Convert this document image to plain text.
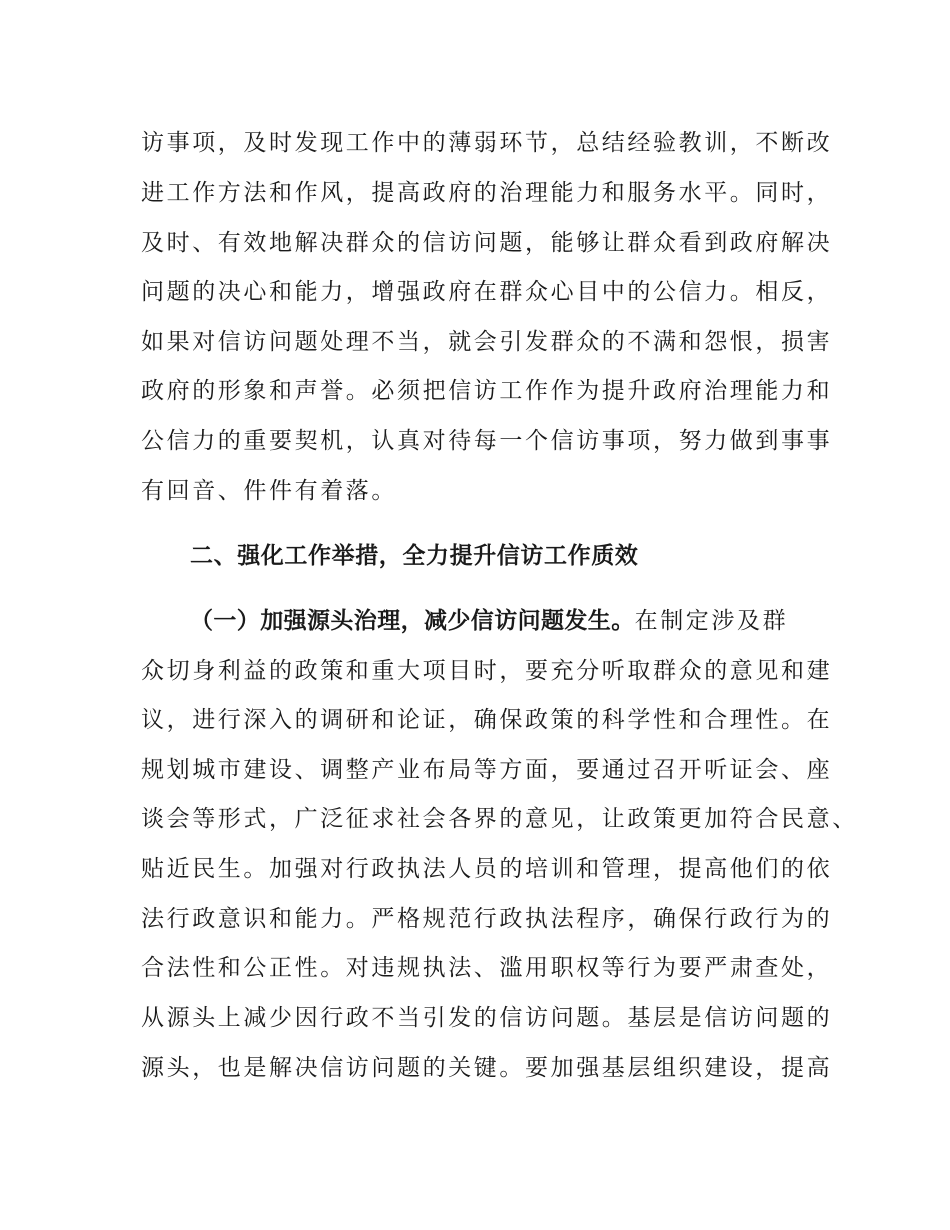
访事项，及时发现工作中的薄弱环节，总结经验教训，不断改
进工作方法和作风，提高政府的治理能力和服务水平。同时，
及时、有效地解决群众的信访问题，能够让群众看到政府解决
问题的决心和能力，增强政府在群众心目中的公信力。相反，
如果对信访问题处理不当，就会引发群众的不满和怨恨，损害
政府的形象和声誉。必须把信访工作作为提升政府治理能力和
公信力的重要契机，认真对待每一个信访事项，努力做到事事
有回音、件件有着落。
二、强化工作举措，全力提升信访工作质效
（一）加强源头治理，减少信访问题发生。在制定涉及群
众切身利益的政策和重大项目时，要充分听取群众的意见和建
议，进行深入的调研和论证，确保政策的科学性和合理性。在
规划城市建设、调整产业布局等方面，要通过召开听证会、座
谈会等形式，广泛征求社会各界的意见，让政策更加符合民意、
贴近民生。加强对行政执法人员的培训和管理，提高他们的依
法行政意识和能力。严格规范行政执法程序，确保行政行为的
合法性和公正性。对违规执法、滥用职权等行为要严肃查处，
从源头上减少因行政不当引发的信访问题。基层是信访问题的
源头，也是解决信访问题的关键。要加强基层组织建设，提高
